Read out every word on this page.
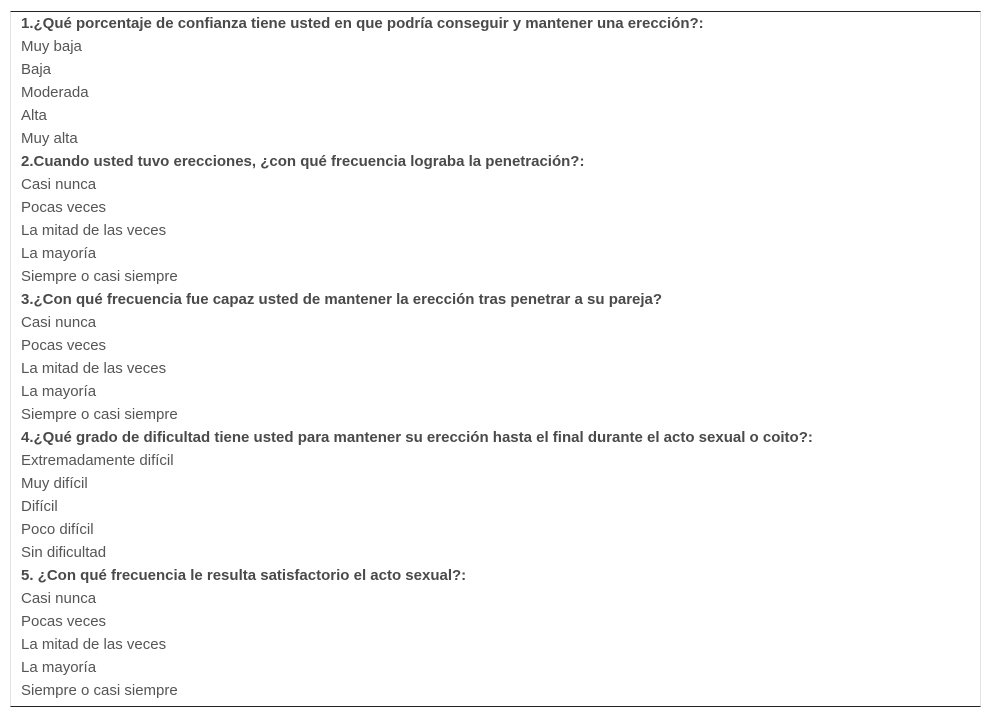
1.¿Qué porcentaje de confianza tiene usted en que podría conseguir y mantener una erección?:
Muy baja
Baja
Moderada
Alta
Muy alta
2.Cuando usted tuvo erecciones, ¿con qué frecuencia lograba la penetración?:
Casi nunca
Pocas veces
La mitad de las veces
La mayoría
Siempre o casi siempre
3.¿Con qué frecuencia fue capaz usted de mantener la erección tras penetrar a su pareja?
Casi nunca
Pocas veces
La mitad de las veces
La mayoría
Siempre o casi siempre
4.¿Qué grado de dificultad tiene usted para mantener su erección hasta el final durante el acto sexual o coito?:
Extremadamente difícil
Muy difícil
Difícil
Poco difícil
Sin dificultad
5. ¿Con qué frecuencia le resulta satisfactorio el acto sexual?:
Casi nunca
Pocas veces
La mitad de las veces
La mayoría
Siempre o casi siempre
